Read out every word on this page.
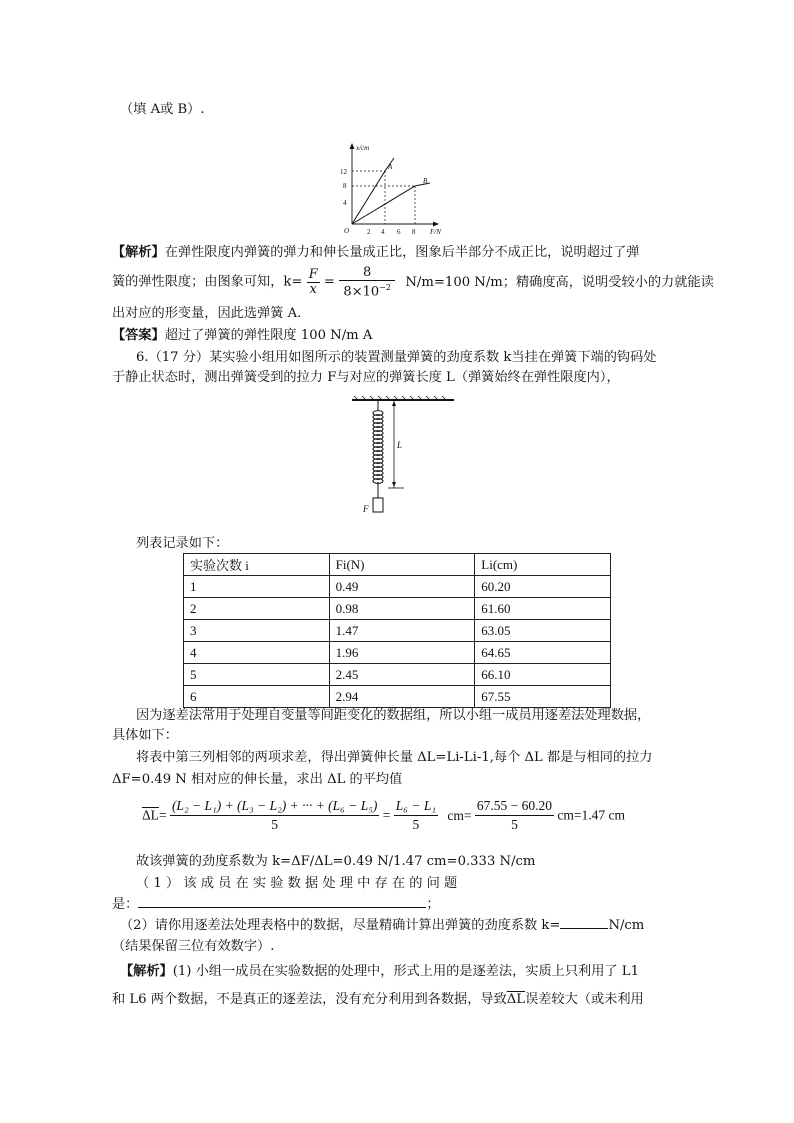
（填 A或 B）.
x/cm
F/N
O
12
8
4
2 4 6 8
A
B
【解析】在弹性限度内弹簧的弹力和伸长量成正比，图象后半部分不成正比，说明超过了弹
簧的弹性限度；由图象可知，$k= \frac{F}{x} = \frac{8}{8\times 10^{-2}} N/m=100$ N/m；精确度高，说明受较小的力就能读
出对应的形变量，因此选弹簧 A.
【答案】超过了弹簧的弹性限度 100 N/m A
6.（17 分）某实验小组用如图所示的装置测量弹簧的劲度系数 k当挂在弹簧下端的钩码处
于静止状态时，测出弹簧受到的拉力 F与对应的弹簧长度 L（弹簧始终在弹性限度内），
F
L
列表记录如下：
实验次数 i	Fi(N)	Li(cm)
1	0.49	60.20
2	0.98	61.60
3	1.47	63.05
4	1.96	64.65
5	2.45	66.10
6	2.94	67.55
因为逐差法常用于处理自变量等间距变化的数据组，所以小组一成员用逐差法处理数据，
具体如下：
将表中第三列相邻的两项求差，得出弹簧伸长量 ΔL=Li-Li-1,每个 ΔL 都是与相同的拉力
ΔF=0.49 N 相对应的伸长量，求出 ΔL 的平均值
$\overline{\Delta L}= \frac{\text{(L₂ − L₁) + (L₃ − L₂) + ··· + (L₆ − L₅)}}{5} = \frac{\text{L₆ − L₁}}{5} cm= \frac{67.55 - 60.20}{5} cm=1.47$ cm
故该弹簧的劲度系数为 k=ΔF/ΔL=0.49 N/1.47 cm=0.333 N/cm
（ 1 ） 该 成 员 在 实 验 数 据 处 理 中 存 在 的 问 题
是：	；
（2）请你用逐差法处理表格中的数据，尽量精确计算出弹簧的劲度系数 k=	N/cm
（结果保留三位有效数字）.
【解析】(1) 小组一成员在实验数据的处理中，形式上用的是逐差法，实质上只利用了 L1
和 L6 两个数据，不是真正的逐差法，没有充分利用到各数据，导致$\overline{\Delta L}$误差较大（或未利用
